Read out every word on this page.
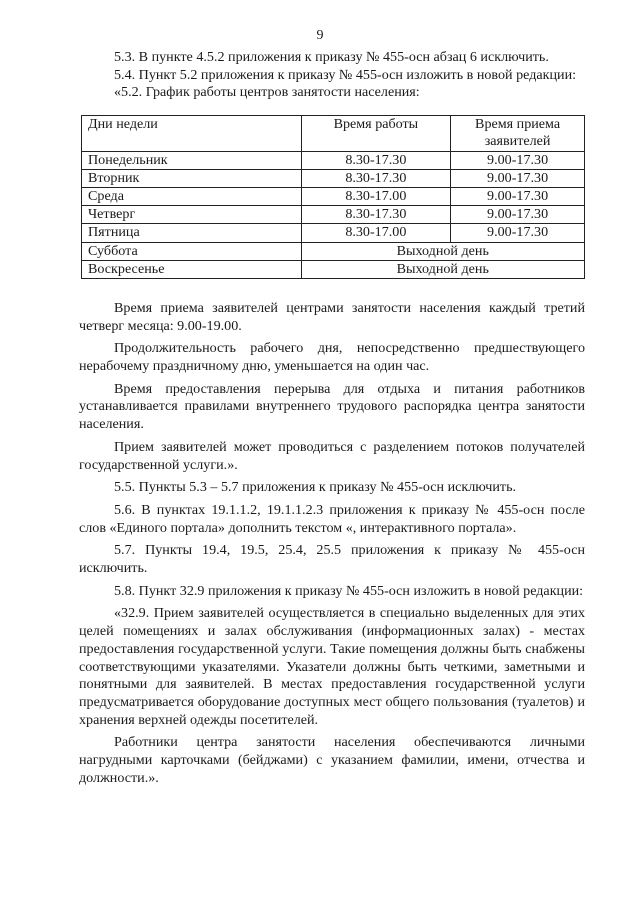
9

5.3. В пункте 4.5.2 приложения к приказу № 455-осн абзац 6 исключить.

5.4. Пункт 5.2 приложения к приказу № 455-осн изложить в новой редакции:

«5.2. График работы центров занятости населения:

Дни недели	Время работы	Время приема заявителей
Понедельник	8.30-17.30	9.00-17.30
Вторник	8.30-17.30	9.00-17.30
Среда	8.30-17.00	9.00-17.30
Четверг	8.30-17.30	9.00-17.30
Пятница	8.30-17.00	9.00-17.30
Суббота	Выходной день	
Воскресенье	Выходной день	

Время приема заявителей центрами занятости населения каждый третий четверг месяца: 9.00-19.00.

Продолжительность рабочего дня, непосредственно предшествующего нерабочему праздничному дню, уменьшается на один час.

Время предоставления перерыва для отдыха и питания работников устанавливается правилами внутреннего трудового распорядка центра занятости населения.

Прием заявителей может проводиться с разделением потоков получателей государственной услуги.».

5.5. Пункты 5.3 – 5.7 приложения к приказу № 455-осн исключить.

5.6. В пунктах 19.1.1.2, 19.1.1.2.3 приложения к приказу № 455-осн после слов «Единого портала» дополнить текстом «, интерактивного портала».

5.7. Пункты 19.4, 19.5, 25.4, 25.5 приложения к приказу № 455-осн исключить.

5.8. Пункт 32.9 приложения к приказу № 455-осн изложить в новой редакции:

«32.9. Прием заявителей осуществляется в специально выделенных для этих целей помещениях и залах обслуживания (информационных залах) - местах предоставления государственной услуги. Такие помещения должны быть снабжены соответствующими указателями. Указатели должны быть четкими, заметными и понятными для заявителей. В местах предоставления государственной услуги предусматривается оборудование доступных мест общего пользования (туалетов) и хранения верхней одежды посетителей.

Работники центра занятости населения обеспечиваются личными нагрудными карточками (бейджами) с указанием фамилии, имени, отчества и должности.».
